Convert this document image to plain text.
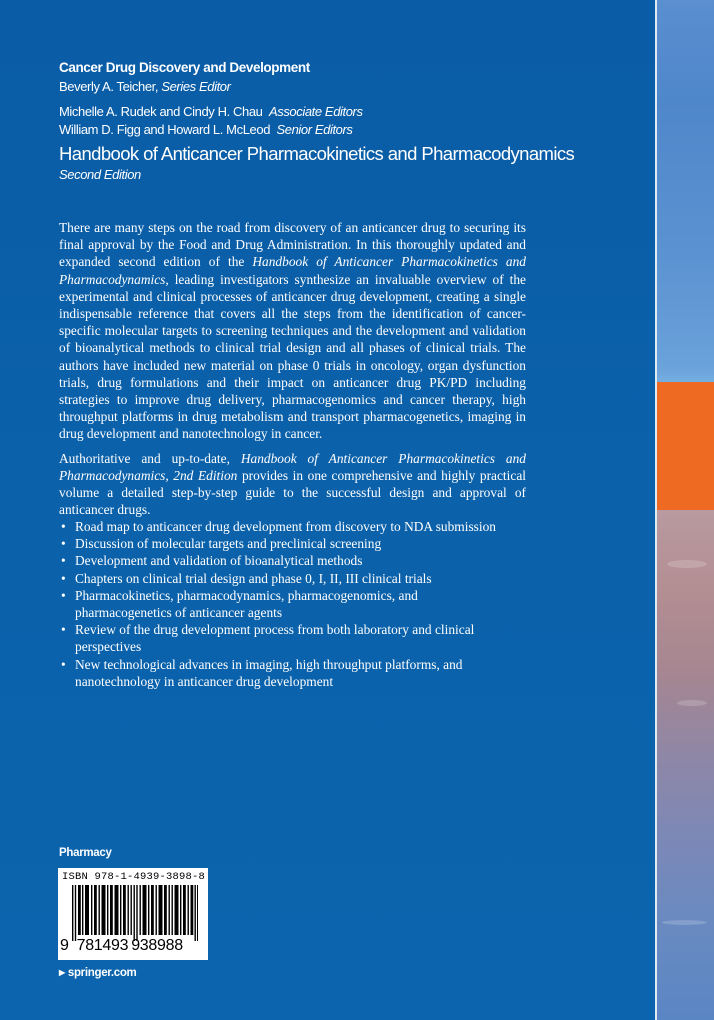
Cancer Drug Discovery and Development
Beverly A. Teicher, Series Editor
Michelle A. Rudek and Cindy H. Chau Associate Editors
William D. Figg and Howard L. McLeod Senior Editors
Handbook of Anticancer Pharmacokinetics and Pharmacodynamics
Second Edition

There are many steps on the road from discovery of an anticancer drug to securing its final approval by the Food and Drug Administration. In this thoroughly updated and expanded second edition of the Handbook of Anticancer Pharmacokinetics and Pharmacodynamics, leading investigators synthesize an invaluable overview of the experimental and clinical processes of anticancer drug development, creating a single indispensable reference that covers all the steps from the identification of cancer-specific molecular targets to screening techniques and the development and validation of bioanalytical methods to clinical trial design and all phases of clinical trials. The authors have included new material on phase 0 trials in oncology, organ dysfunction trials, drug formulations and their impact on anticancer drug PK/PD including strategies to improve drug delivery, pharmacogenomics and cancer therapy, high throughput platforms in drug metabolism and transport pharmacogenetics, imaging in drug development and nanotechnology in cancer.

Authoritative and up-to-date, Handbook of Anticancer Pharmacokinetics and Pharmacodynamics, 2nd Edition provides in one comprehensive and highly practical volume a detailed step-by-step guide to the successful design and approval of anticancer drugs.

• Road map to anticancer drug development from discovery to NDA submission
• Discussion of molecular targets and preclinical screening
• Development and validation of bioanalytical methods
• Chapters on clinical trial design and phase 0, I, II, III clinical trials
• Pharmacokinetics, pharmacodynamics, pharmacogenomics, and pharmacogenetics of anticancer agents
• Review of the drug development process from both laboratory and clinical perspectives
• New technological advances in imaging, high throughput platforms, and nanotechnology in anticancer drug development
Pharmacy
ISBN 978-1-4939-3898-8
9 781493 938988
▶ springer.com
